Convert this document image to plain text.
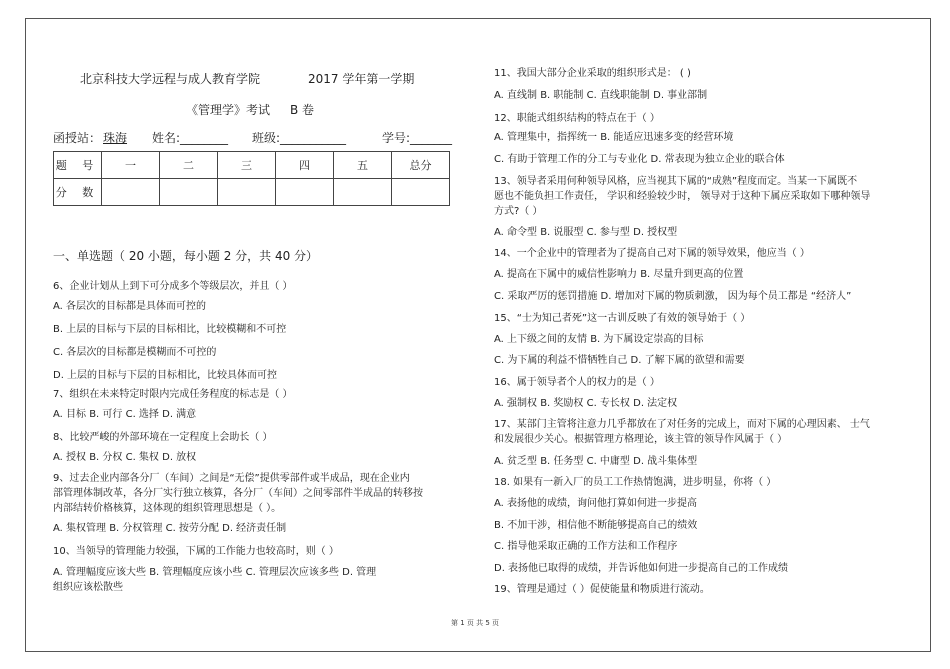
北京科技大学远程与成人教育学院	2017 学年第一学期
《管理学》考试 B 卷
函授站： 珠海 姓名:________ 班级:___________	学号:_______
题 号	一	二	三	四	五	总分
分 数						
一、单选题（ 20 小题，每小题 2 分，共 40 分）
6、企业计划从上到下可分成多个等级层次，并且（ ）
A. 各层次的目标都是具体而可控的
B. 上层的目标与下层的目标相比，比较模糊和不可控
C. 各层次的目标都是模糊而不可控的
D. 上层的目标与下层的目标相比，比较具体而可控
7、组织在未来特定时限内完成任务程度的标志是（ ）
A. 目标 B. 可行 C. 选择 D. 满意
8、比较严峻的外部环境在一定程度上会助长（ ）
A. 授权 B. 分权 C. 集权 D. 放权
9、过去企业内部各分厂（车间）之间是“无偿”提供零部件或半成品，现在企业内
部管理体制改革，各分厂实行独立核算，各分厂（车间）之间零部件半成品的转移按
内部结转价格核算，这体现的组织管理思想是（ ）。
A. 集权管理 B. 分权管理 C. 按劳分配 D. 经济责任制
10、当领导的管理能力较强，下属的工作能力也较高时，则（ ）
A. 管理幅度应该大些 B. 管理幅度应该小些 C. 管理层次应该多些 D. 管理
组织应该松散些
11、我国大部分企业采取的组织形式是： ( )
A. 直线制 B. 职能制 C. 直线职能制 D. 事业部制
12、职能式组织结构的特点在于（ ）
A. 管理集中，指挥统一 B. 能适应迅速多变的经营环境
C. 有助于管理工作的分工与专业化 D. 常表现为独立企业的联合体
13、领导者采用何种领导风格，应当视其下属的“成熟”程度而定。当某一下属既不
愿也不能负担工作责任， 学识和经验较少时， 领导对于这种下属应采取如下哪种领导
方式?（ ）
A. 命令型 B. 说服型 C. 参与型 D. 授权型
14、一个企业中的管理者为了提高自己对下属的领导效果，他应当（ ）
A. 提高在下属中的威信性影响力 B. 尽量升到更高的位置
C. 采取严厉的惩罚措施 D. 增加对下属的物质刺激， 因为每个员工都是 “经济人”
15、“士为知己者死”这一古训反映了有效的领导始于（ ）
A. 上下级之间的友情 B. 为下属设定崇高的目标
C. 为下属的利益不惜牺牲自己 D. 了解下属的欲望和需要
16、属于领导者个人的权力的是（ ）
A. 强制权 B. 奖励权 C. 专长权 D. 法定权
17、某部门主管将注意力几乎都放在了对任务的完成上，而对下属的心理因素、 士气
和发展很少关心。根据管理方格理论，该主管的领导作风属于（ ）
A. 贫乏型 B. 任务型 C. 中庸型 D. 战斗集体型
18. 如果有一新入厂的员工工作热情饱满，进步明显，你将（ ）
A. 表扬他的成绩，询问他打算如何进一步提高
B. 不加干涉，相信他不断能够提高自己的绩效
C. 指导他采取正确的工作方法和工作程序
D. 表扬他已取得的成绩，并告诉他如何进一步提高自己的工作成绩
19、管理是通过（ ）促使能量和物质进行流动。
第 1 页 共 5 页
